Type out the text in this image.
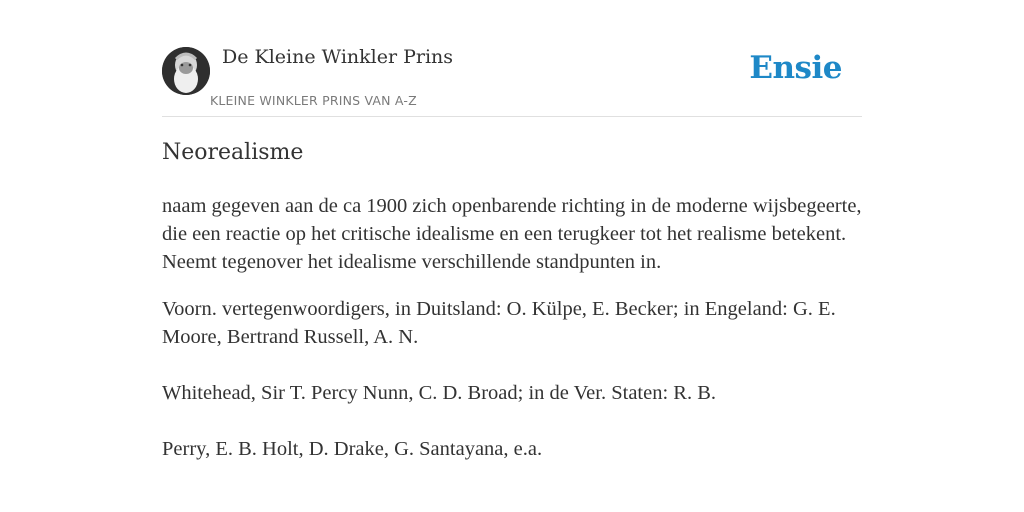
De Kleine Winkler Prins
KLEINE WINKLER PRINS VAN A-Z
Ensie
Neorealisme

naam gegeven aan de ca 1900 zich openbarende richting in de moderne wijsbegeerte, die een reactie op het critische idealisme en een terugkeer tot het realisme betekent. Neemt tegenover het idealisme verschillende standpunten in.

Voorn. vertegenwoordigers, in Duitsland: O. Külpe, E. Becker; in Engeland: G. E. Moore, Bertrand Russell, A. N.

Whitehead, Sir T. Percy Nunn, C. D. Broad; in de Ver. Staten: R. B.

Perry, E. B. Holt, D. Drake, G. Santayana, e.a.
